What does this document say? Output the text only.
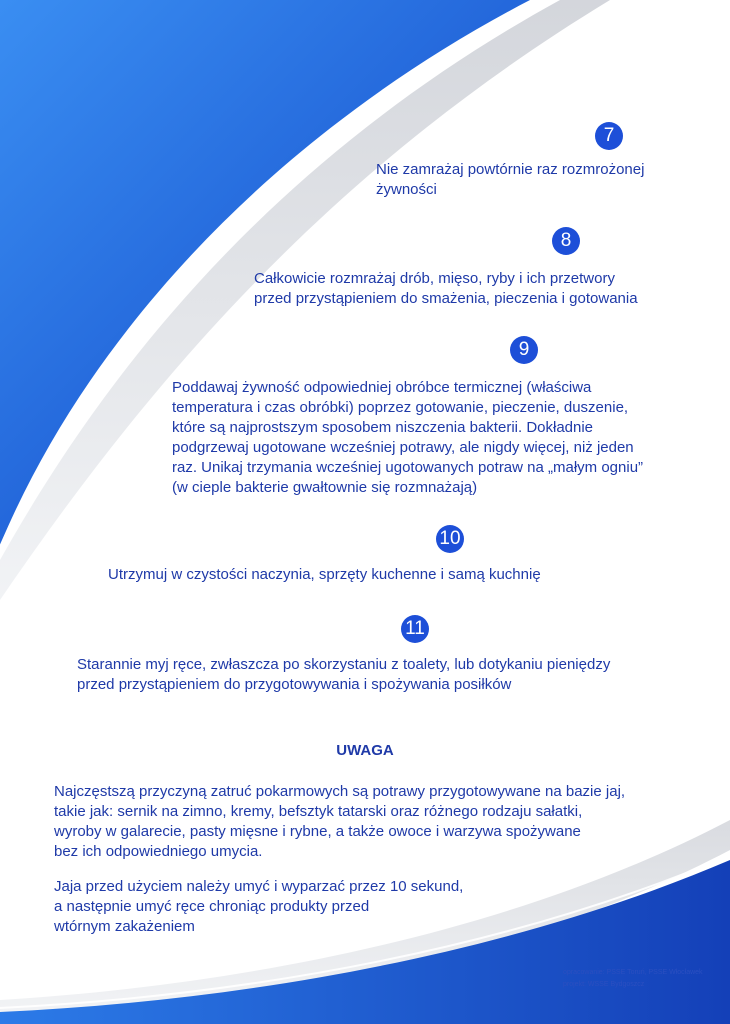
7
Nie zamrażaj powtórnie raz rozmrożonej
żywności
8
Całkowicie rozmrażaj drób, mięso, ryby i ich przetwory
przed przystąpieniem do smażenia, pieczenia i gotowania
9
Poddawaj żywność odpowiedniej obróbce termicznej (właściwa
temperatura i czas obróbki) poprzez gotowanie, pieczenie, duszenie,
które są najprostszym sposobem niszczenia bakterii. Dokładnie
podgrzewaj ugotowane wcześniej potrawy, ale nigdy więcej, niż jeden
raz. Unikaj trzymania wcześniej ugotowanych potraw na „małym ogniu”
(w cieple bakterie gwałtownie się rozmnażają)
10
Utrzymuj w czystości naczynia, sprzęty kuchenne i samą kuchnię
11
Starannie myj ręce, zwłaszcza po skorzystaniu z toalety, lub dotykaniu pieniędzy
przed przystąpieniem do przygotowywania i spożywania posiłków
UWAGA
Najczęstszą przyczyną zatruć pokarmowych są potrawy przygotowywane na bazie jaj,
takie jak: sernik na zimno, kremy, befsztyk tatarski oraz różnego rodzaju sałatki,
wyroby w galarecie, pasty mięsne i rybne, a także owoce i warzywa spożywane
bez ich odpowiedniego umycia.
Jaja przed użyciem należy umyć i wyparzać przez 10 sekund,
a następnie umyć ręce chroniąc produkty przed
wtórnym zakażeniem
opracowanie: PSSE Toruń, PSSE Włocławek
projekt: WSSE Bydgoszcz
